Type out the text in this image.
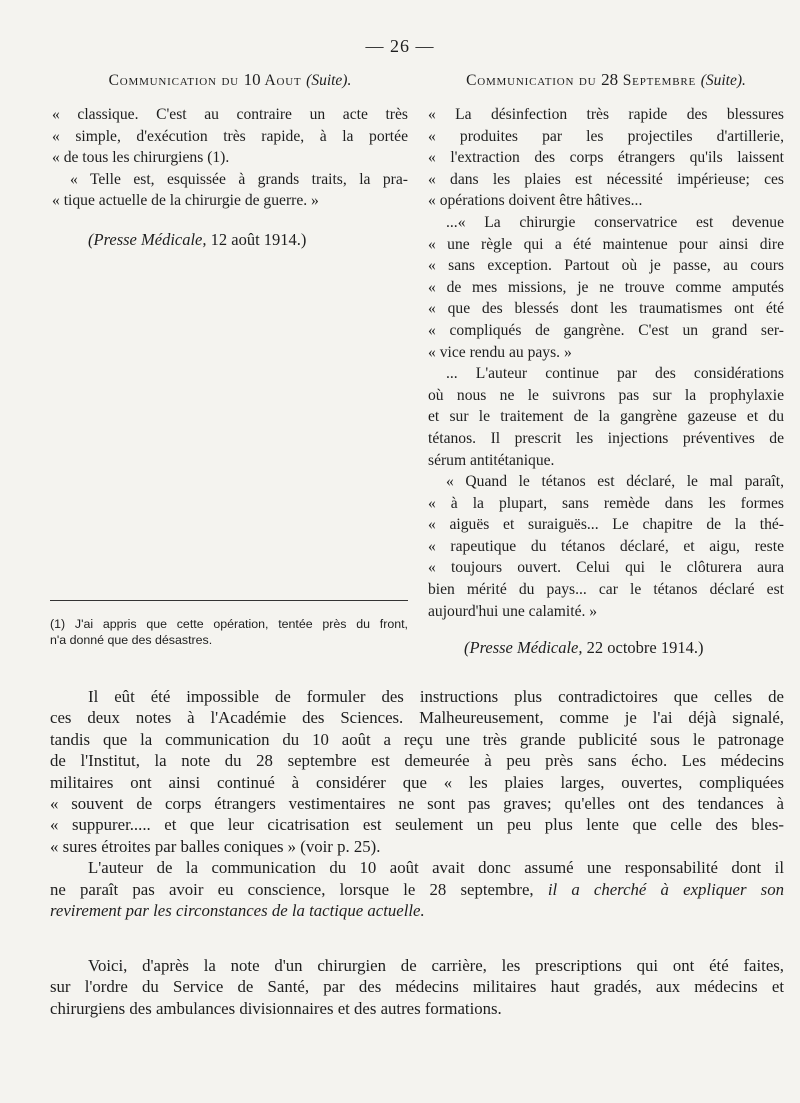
— 26 —
Communication du 10 Aout (Suite).
« classique. C'est au contraire un acte très
« simple, d'exécution très rapide, à la portée
« de tous les chirurgiens (1).
« Telle est, esquissée à grands traits, la pra-
« tique actuelle de la chirurgie de guerre. »
(Presse Médicale, 12 août 1914.)
Communication du 28 Septembre (Suite).
« La désinfection très rapide des blessures
« produites par les projectiles d'artillerie,
« l'extraction des corps étrangers qu'ils laissent
« dans les plaies est nécessité impérieuse; ces
« opérations doivent être hâtives...
...« La chirurgie conservatrice est devenue
« une règle qui a été maintenue pour ainsi dire
« sans exception. Partout où je passe, au cours
« de mes missions, je ne trouve comme amputés
« que des blessés dont les traumatismes ont été
« compliqués de gangrène. C'est un grand ser-
« vice rendu au pays. »
... L'auteur continue par des considérations
où nous ne le suivrons pas sur la prophylaxie
et sur le traitement de la gangrène gazeuse et du
tétanos. Il prescrit les injections préventives de
sérum antitétanique.
« Quand le tétanos est déclaré, le mal paraît,
« à la plupart, sans remède dans les formes
« aiguës et suraiguës... Le chapitre de la thé-
« rapeutique du tétanos déclaré, et aigu, reste
« toujours ouvert. Celui qui le clôturera aura
bien mérité du pays... car le tétanos déclaré est
aujourd'hui une calamité. »
(Presse Médicale, 22 octobre 1914.)
(1) J'ai appris que cette opération, tentée près du front,
n'a donné que des désastres.
Il eût été impossible de formuler des instructions plus contradictoires que celles de
ces deux notes à l'Académie des Sciences. Malheureusement, comme je l'ai déjà signalé,
tandis que la communication du 10 août a reçu une très grande publicité sous le patronage
de l'Institut, la note du 28 septembre est demeurée à peu près sans écho. Les médecins
militaires ont ainsi continué à considérer que « les plaies larges, ouvertes, compliquées
« souvent de corps étrangers vestimentaires ne sont pas graves; qu'elles ont des tendances à
« suppurer..... et que leur cicatrisation est seulement un peu plus lente que celle des bles-
« sures étroites par balles coniques » (voir p. 25).
L'auteur de la communication du 10 août avait donc assumé une responsabilité dont il
ne paraît pas avoir eu conscience, lorsque le 28 septembre, il a cherché à expliquer son
revirement par les circonstances de la tactique actuelle.
Voici, d'après la note d'un chirurgien de carrière, les prescriptions qui ont été faites,
sur l'ordre du Service de Santé, par des médecins militaires haut gradés, aux médecins et
chirurgiens des ambulances divisionnaires et des autres formations.
